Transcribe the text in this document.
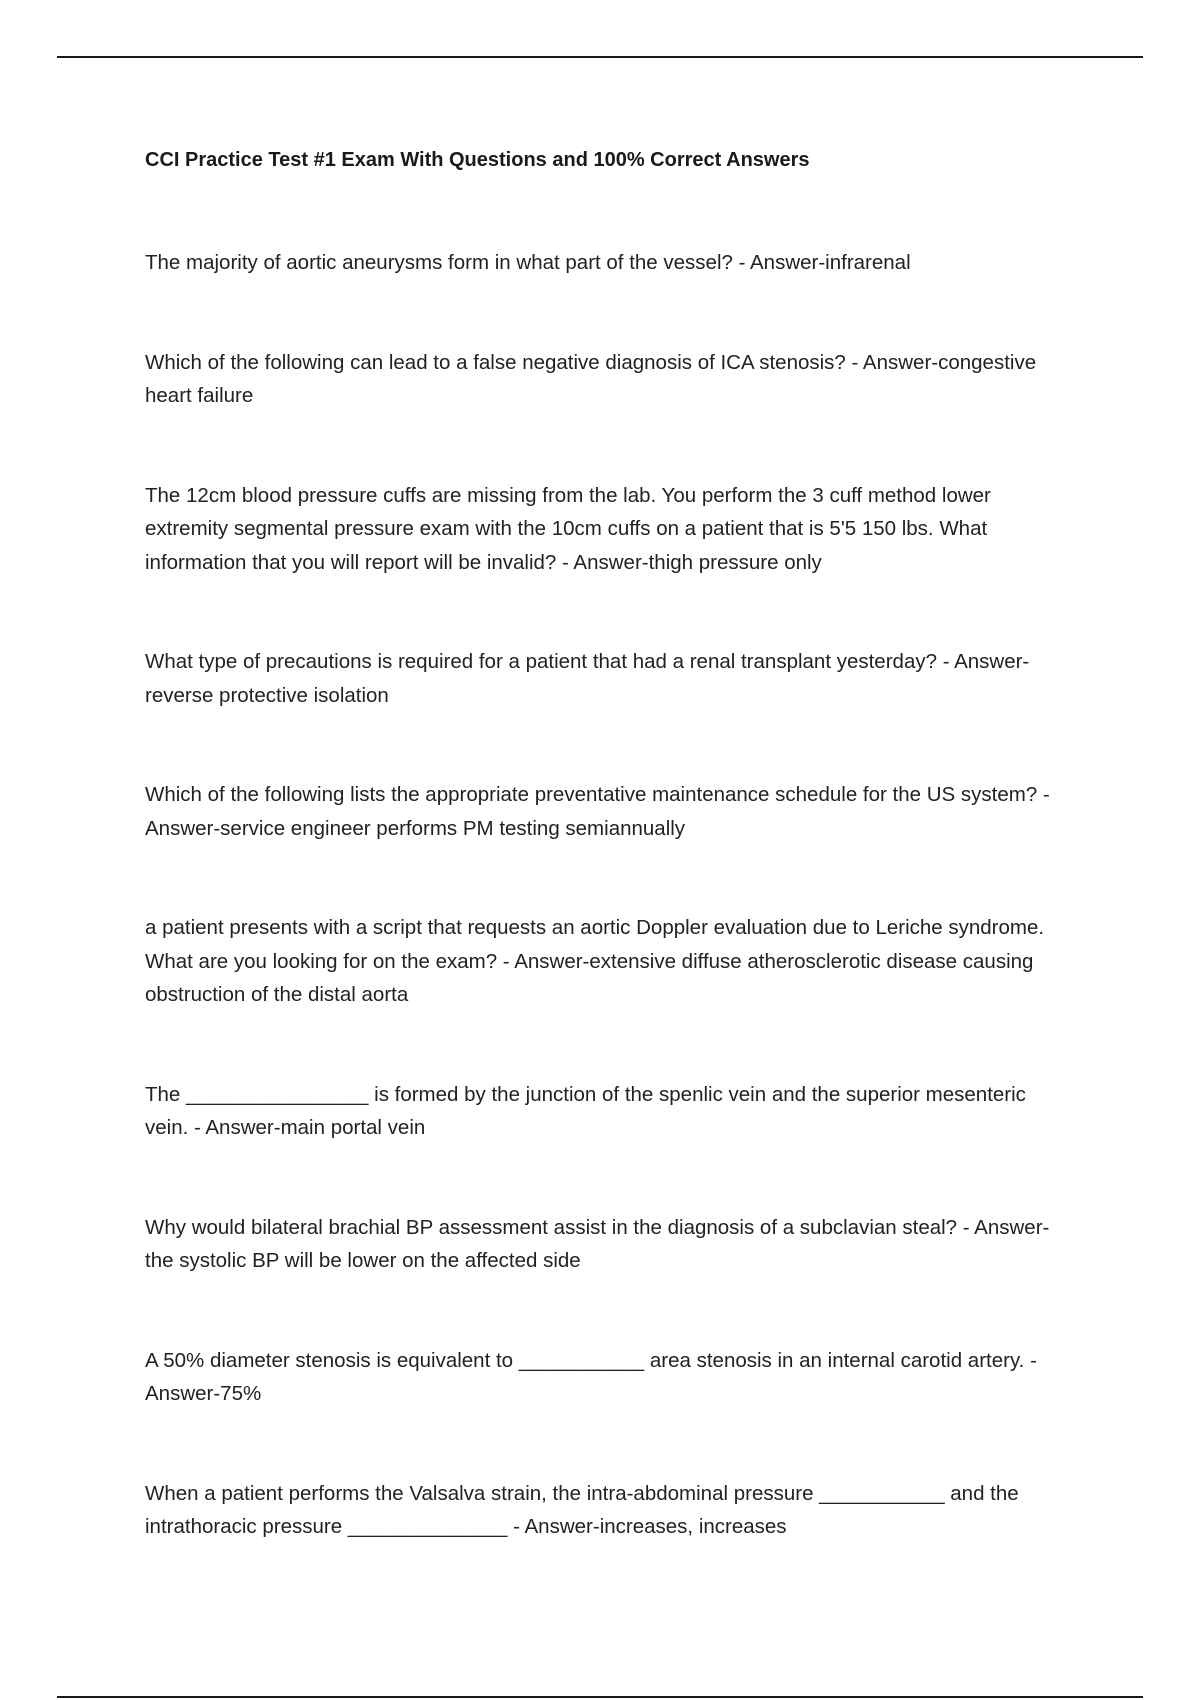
CCI Practice Test #1 Exam With Questions and 100% Correct Answers
The majority of aortic aneurysms form in what part of the vessel? - Answer-infrarenal
Which of the following can lead to a false negative diagnosis of ICA stenosis? - Answer-congestive heart failure
The 12cm blood pressure cuffs are missing from the lab. You perform the 3 cuff method lower extremity segmental pressure exam with the 10cm cuffs on a patient that is 5'5 150 lbs. What information that you will report will be invalid? - Answer-thigh pressure only
What type of precautions is required for a patient that had a renal transplant yesterday? - Answer-reverse protective isolation
Which of the following lists the appropriate preventative maintenance schedule for the US system? - Answer-service engineer performs PM testing semiannually
a patient presents with a script that requests an aortic Doppler evaluation due to Leriche syndrome. What are you looking for on the exam? - Answer-extensive diffuse atherosclerotic disease causing obstruction of the distal aorta
The ________________ is formed by the junction of the spenlic vein and the superior mesenteric vein. - Answer-main portal vein
Why would bilateral brachial BP assessment assist in the diagnosis of a subclavian steal? - Answer-the systolic BP will be lower on the affected side
A 50% diameter stenosis is equivalent to ___________ area stenosis in an internal carotid artery. - Answer-75%
When a patient performs the Valsalva strain, the intra-abdominal pressure ___________ and the intrathoracic pressure ______________ - Answer-increases, increases
